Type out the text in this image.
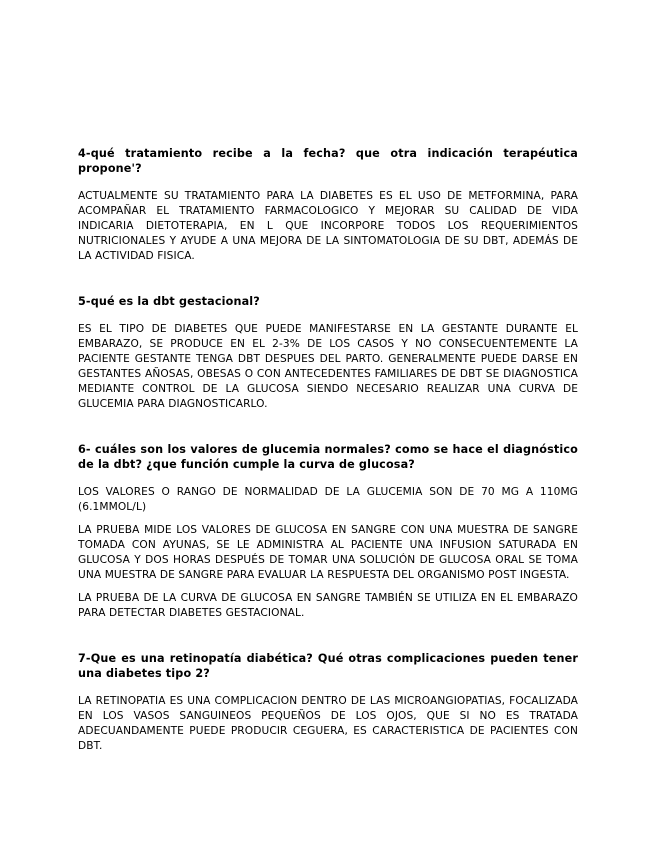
4-qué tratamiento recibe a la fecha? que otra indicación terapéutica propone'?

ACTUALMENTE SU TRATAMIENTO PARA LA DIABETES ES EL USO DE METFORMINA, PARA ACOMPAÑAR EL TRATAMIENTO FARMACOLOGICO Y MEJORAR SU CALIDAD DE VIDA INDICARIA DIETOTERAPIA, EN L QUE INCORPORE TODOS LOS REQUERIMIENTOS NUTRICIONALES Y AYUDE A UNA MEJORA DE LA SINTOMATOLOGIA DE SU DBT, ADEMÁS DE LA ACTIVIDAD FISICA.

5-qué es la dbt gestacional?

ES EL TIPO DE DIABETES QUE PUEDE MANIFESTARSE EN LA GESTANTE DURANTE EL EMBARAZO, SE PRODUCE EN EL 2-3% DE LOS CASOS Y NO CONSECUENTEMENTE LA PACIENTE GESTANTE TENGA DBT DESPUES DEL PARTO. GENERALMENTE PUEDE DARSE EN GESTANTES AÑOSAS, OBESAS O CON ANTECEDENTES FAMILIARES DE DBT SE DIAGNOSTICA MEDIANTE CONTROL DE LA GLUCOSA SIENDO NECESARIO REALIZAR UNA CURVA DE GLUCEMIA PARA DIAGNOSTICARLO.

6- cuáles son los valores de glucemia normales? como se hace el diagnóstico de la dbt? ¿que función cumple la curva de glucosa?

LOS VALORES O RANGO DE NORMALIDAD DE LA GLUCEMIA SON DE 70 MG A 110MG (6.1MMOL/L)

LA PRUEBA MIDE LOS VALORES DE GLUCOSA EN SANGRE CON UNA MUESTRA DE SANGRE TOMADA CON AYUNAS, SE LE ADMINISTRA AL PACIENTE UNA INFUSION SATURADA EN GLUCOSA Y DOS HORAS DESPUÉS DE TOMAR UNA SOLUCIÓN DE GLUCOSA ORAL SE TOMA UNA MUESTRA DE SANGRE PARA EVALUAR LA RESPUESTA DEL ORGANISMO POST INGESTA.

LA PRUEBA DE LA CURVA DE GLUCOSA EN SANGRE TAMBIÉN SE UTILIZA EN EL EMBARAZO PARA DETECTAR DIABETES GESTACIONAL.

7-Que es una retinopatía diabética? Qué otras complicaciones pueden tener una diabetes tipo 2?

LA RETINOPATIA ES UNA COMPLICACION DENTRO DE LAS MICROANGIOPATIAS, FOCALIZADA EN LOS VASOS SANGUINEOS PEQUEÑOS DE LOS OJOS, QUE SI NO ES TRATADA ADECUANDAMENTE PUEDE PRODUCIR CEGUERA, ES CARACTERISTICA DE PACIENTES CON DBT.
